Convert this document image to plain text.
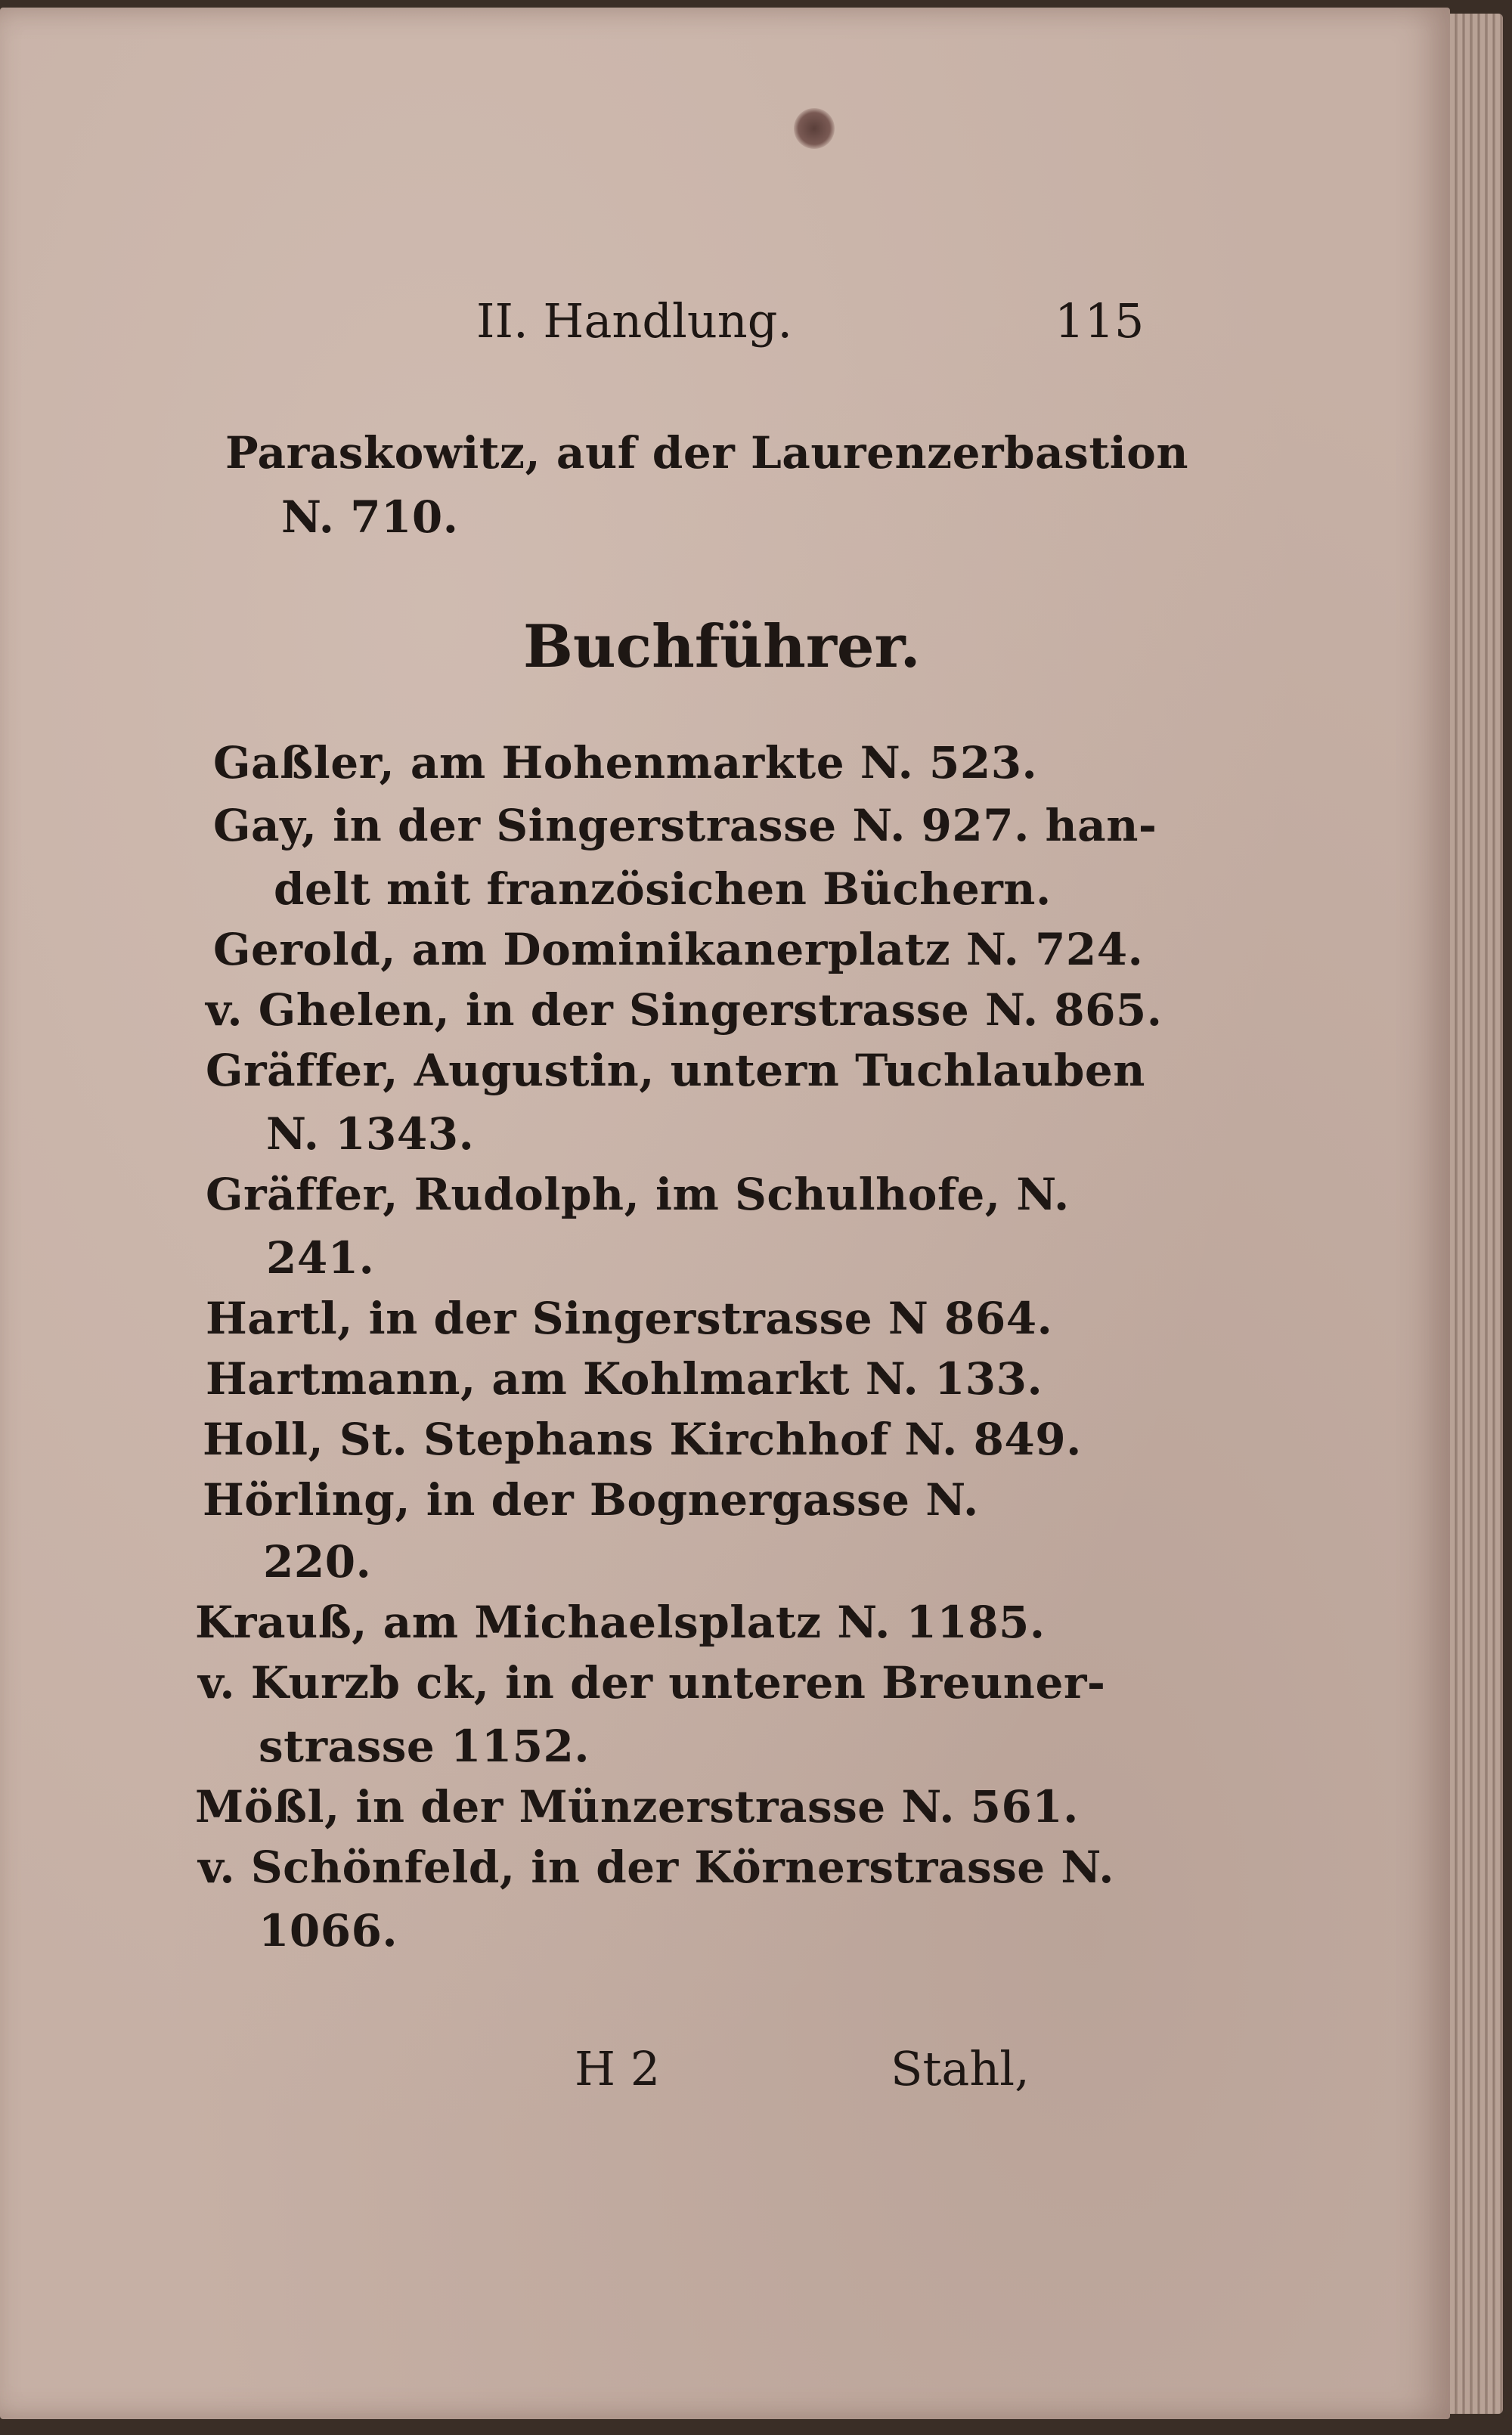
II. Handlung.	115
Paraskowitz, auf der Laurenzerbastion
N. 710.
Buchführer.
Gaßler, am Hohenmarkte N. 523.
Gay, in der Singerstrasse N. 927. han-
delt mit französichen Büchern.
Gerold, am Dominikanerplatz N. 724.
v. Ghelen, in der Singerstrasse N. 865.
Gräffer, Augustin, untern Tuchlauben
N. 1343.
Gräffer, Rudolph, im Schulhofe, N.
241.
Hartl, in der Singerstrasse N 864.
Hartmann, am Kohlmarkt N. 133.
Holl, St. Stephans Kirchhof N. 849.
Hörling, in der Bognergasse N.
220.
Krauß, am Michaelsplatz N. 1185.
v. Kurzb ck, in der unteren Breuner-
strasse 1152.
Mößl, in der Münzerstrasse N. 561.
v. Schönfeld, in der Körnerstrasse N.
1066.
H 2	Stahl,
